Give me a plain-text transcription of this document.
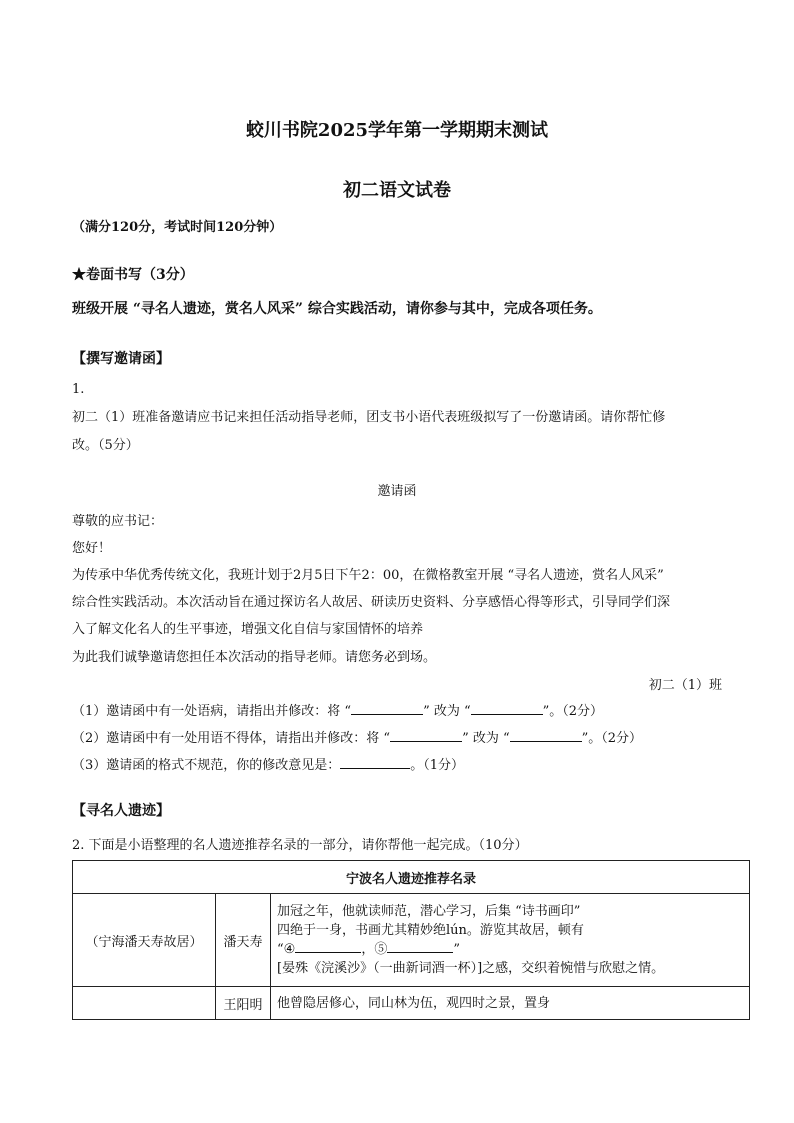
蛟川书院2025学年第一学期期末测试
初二语文试卷
（满分120分，考试时间120分钟）
★卷面书写（3分）
班级开展 “寻名人遗迹，赏名人风采” 综合实践活动，请你参与其中，完成各项任务。
【撰写邀请函】
1.
初二（1）班准备邀请应书记来担任活动指导老师，团支书小语代表班级拟写了一份邀请函。请你帮忙修
改。（5分）
邀请函
尊敬的应书记：
您好！
为传承中华优秀传统文化，我班计划于2月5日下午2：00，在微格教室开展 “寻名人遗迹，赏名人风采”
综合性实践活动。本次活动旨在通过探访名人故居、研读历史资料、分享感悟心得等形式，引导同学们深
入了解文化名人的生平事迹，增强文化自信与家国情怀的培养
为此我们诚挚邀请您担任本次活动的指导老师。请您务必到场。
初二（1）班
（1）邀请函中有一处语病，请指出并修改：将 “	” 改为 “	”。（2分）
（2）邀请函中有一处用语不得体，请指出并修改：将 “	” 改为 “	”。（2分）
（3）邀请函的格式不规范，你的修改意见是：	。（1分）
【寻名人遗迹】
2. 下面是小语整理的名人遗迹推荐名录的一部分，请你帮他一起完成。（10分）
宁波名人遗迹推荐名录		
（宁海潘天寿故居）	潘天寿	加冠之年，他就读师范，潜心学习，后集 “诗书画印”
四绝于一身，书画尤其精妙绝lún。游览其故居，顿有
“④ ，⑤ ”
[晏殊《浣溪沙》（一曲新词酒一杯）]之感，交织着惋惜与欣慰之情。

	王阳明	他曾隐居修心，同山林为伍，观四时之景，置身
